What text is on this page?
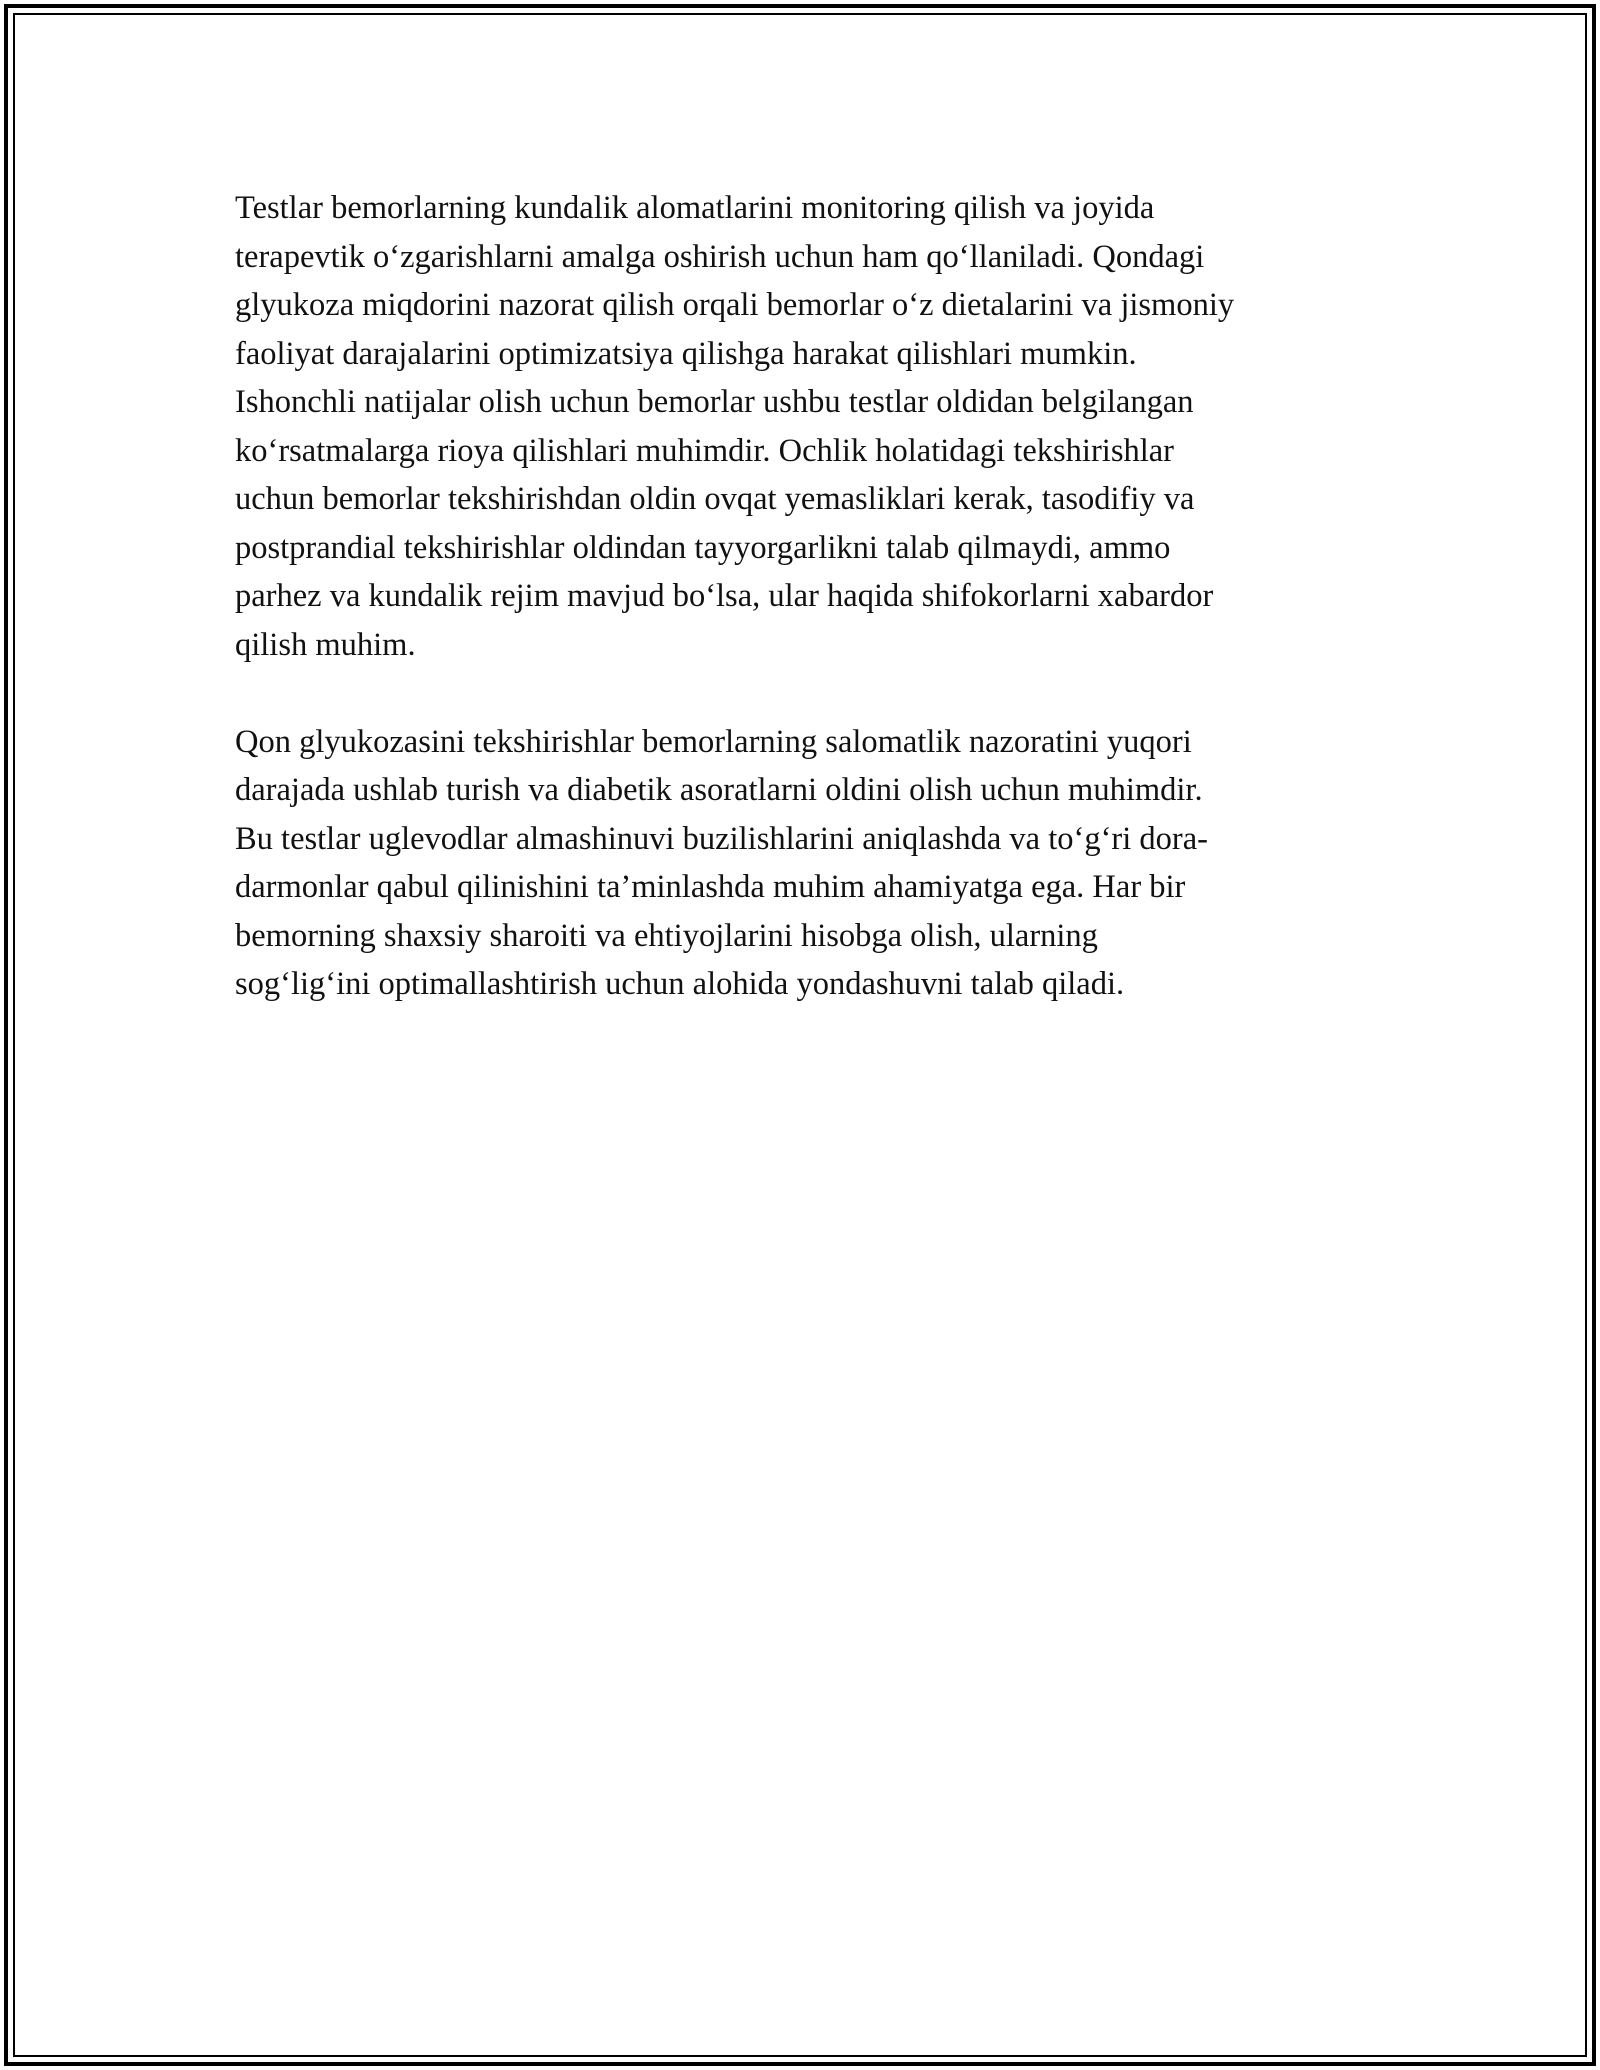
Testlar bemorlarning kundalik alomatlarini monitoring qilish va joyida
terapevtik o‘zgarishlarni amalga oshirish uchun ham qo‘llaniladi. Qondagi
glyukoza miqdorini nazorat qilish orqali bemorlar o‘z dietalarini va jismoniy
faoliyat darajalarini optimizatsiya qilishga harakat qilishlari mumkin.
Ishonchli natijalar olish uchun bemorlar ushbu testlar oldidan belgilangan
ko‘rsatmalarga rioya qilishlari muhimdir. Ochlik holatidagi tekshirishlar
uchun bemorlar tekshirishdan oldin ovqat yemasliklari kerak, tasodifiy va
postprandial tekshirishlar oldindan tayyorgarlikni talab qilmaydi, ammo
parhez va kundalik rejim mavjud bo‘lsa, ular haqida shifokorlarni xabardor
qilish muhim.

Qon glyukozasini tekshirishlar bemorlarning salomatlik nazoratini yuqori
darajada ushlab turish va diabetik asoratlarni oldini olish uchun muhimdir.
Bu testlar uglevodlar almashinuvi buzilishlarini aniqlashda va to‘g‘ri dora-
darmonlar qabul qilinishini ta’minlashda muhim ahamiyatga ega. Har bir
bemorning shaxsiy sharoiti va ehtiyojlarini hisobga olish, ularning
sog‘lig‘ini optimallashtirish uchun alohida yondashuvni talab qiladi.
